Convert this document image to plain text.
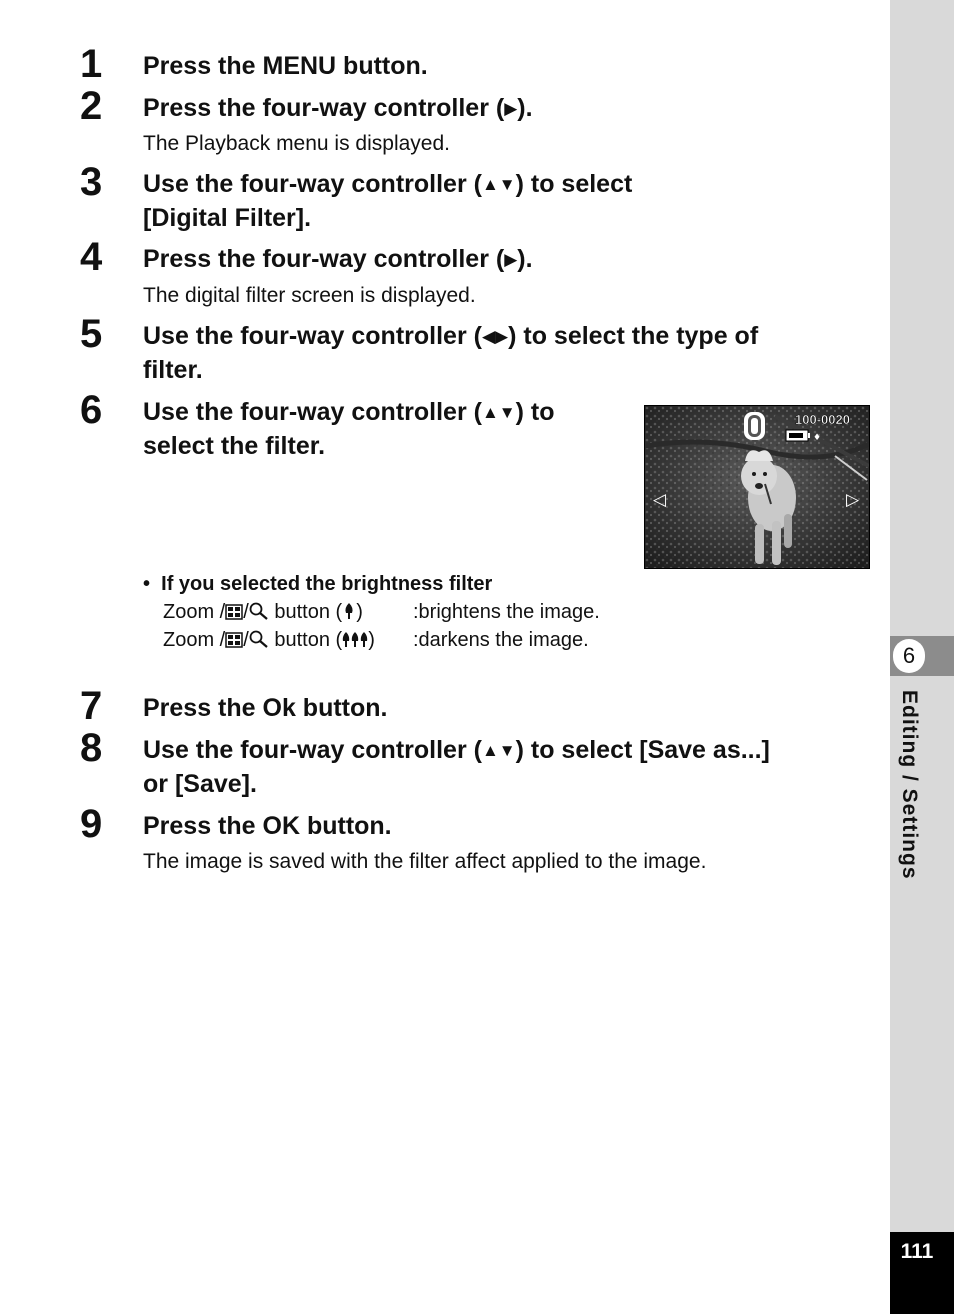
6
Editing / Settings
111
1 Press the MENU button.
2 Press the four-way controller (▶).
The Playback menu is displayed.
3 Use the four-way controller (▲▼) to select
[Digital Filter].
4 Press the four-way controller (▶).
The digital filter screen is displayed.
5 Use the four-way controller (◀▶) to select the type of
filter.
6 Use the four-way controller (▲▼) to
select the filter.	♦
100-0020
◁	▷
• If you selected the brightness filter
Zoom / / button ( )	:brightens the image.
Zoom / / button ( ) :darkens the image.
7 Press the Ok button.
8 Use the four-way controller (▲▼) to select [Save as...]
or [Save].
9 Press the OK button.
The image is saved with the filter affect applied to the image.
